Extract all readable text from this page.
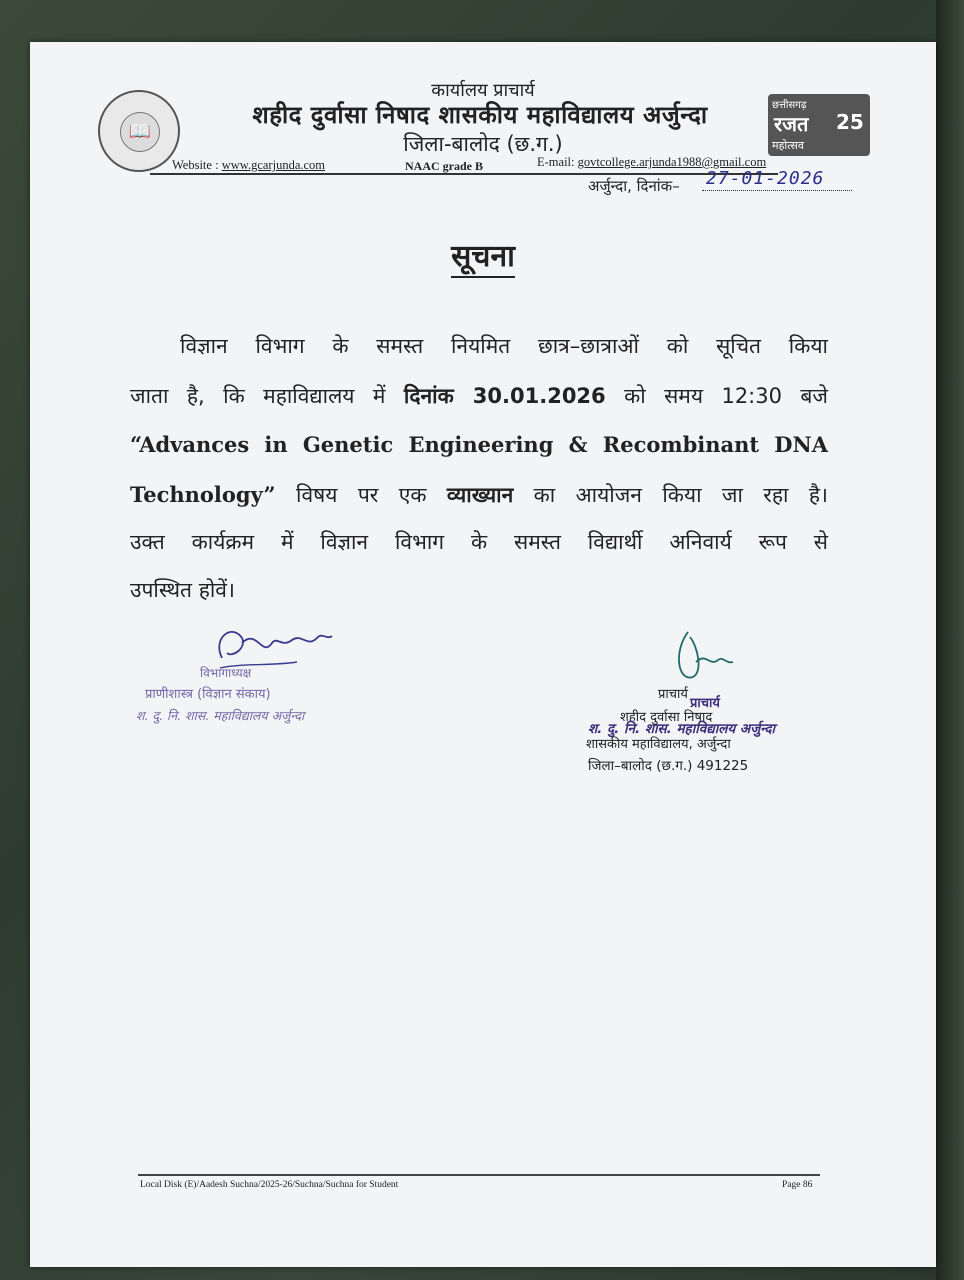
📖
कार्यालय प्राचार्य
शहीद दुर्वासा निषाद शासकीय महाविद्यालय अर्जुन्दा
जिला-बालोद (छ.ग.)
Website : www.gcarjunda.com	NAAC grade B	E-mail: govtcollege.arjunda1988@gmail.com
छत्तीसगढ़
रजत
महोत्सव
25
अर्जुन्दा, दिनांक– 27-01-2026
सूचना
विज्ञान विभाग के समस्त नियमित छात्र–छात्राओं को सूचित किया
जाता है, कि महाविद्यालय में दिनांक 30.01.2026 को समय 12:30 बजे
“Advances in Genetic Engineering & Recombinant DNA
Technology” विषय पर एक व्याख्यान का आयोजन किया जा रहा है।
उक्त कार्यक्रम में विज्ञान विभाग के समस्त विद्यार्थी अनिवार्य रूप से
उपस्थित होवें।
विभागाध्यक्ष
प्राणीशास्त्र (विज्ञान संकाय)
श. दु. नि. शास. महाविद्यालय अर्जुन्दा
प्राचार्य
प्राचार्य
शहीद दुर्वासा निषाद
श. दु. नि. शास. महाविद्यालय अर्जुन्दा
शासकीय महाविद्यालय, अर्जुन्दा
जिला–बालोद (छ.ग.) 491225
Local Disk (E)/Aadesh Suchna/2025-26/Suchna/Suchna for Student	Page 86
